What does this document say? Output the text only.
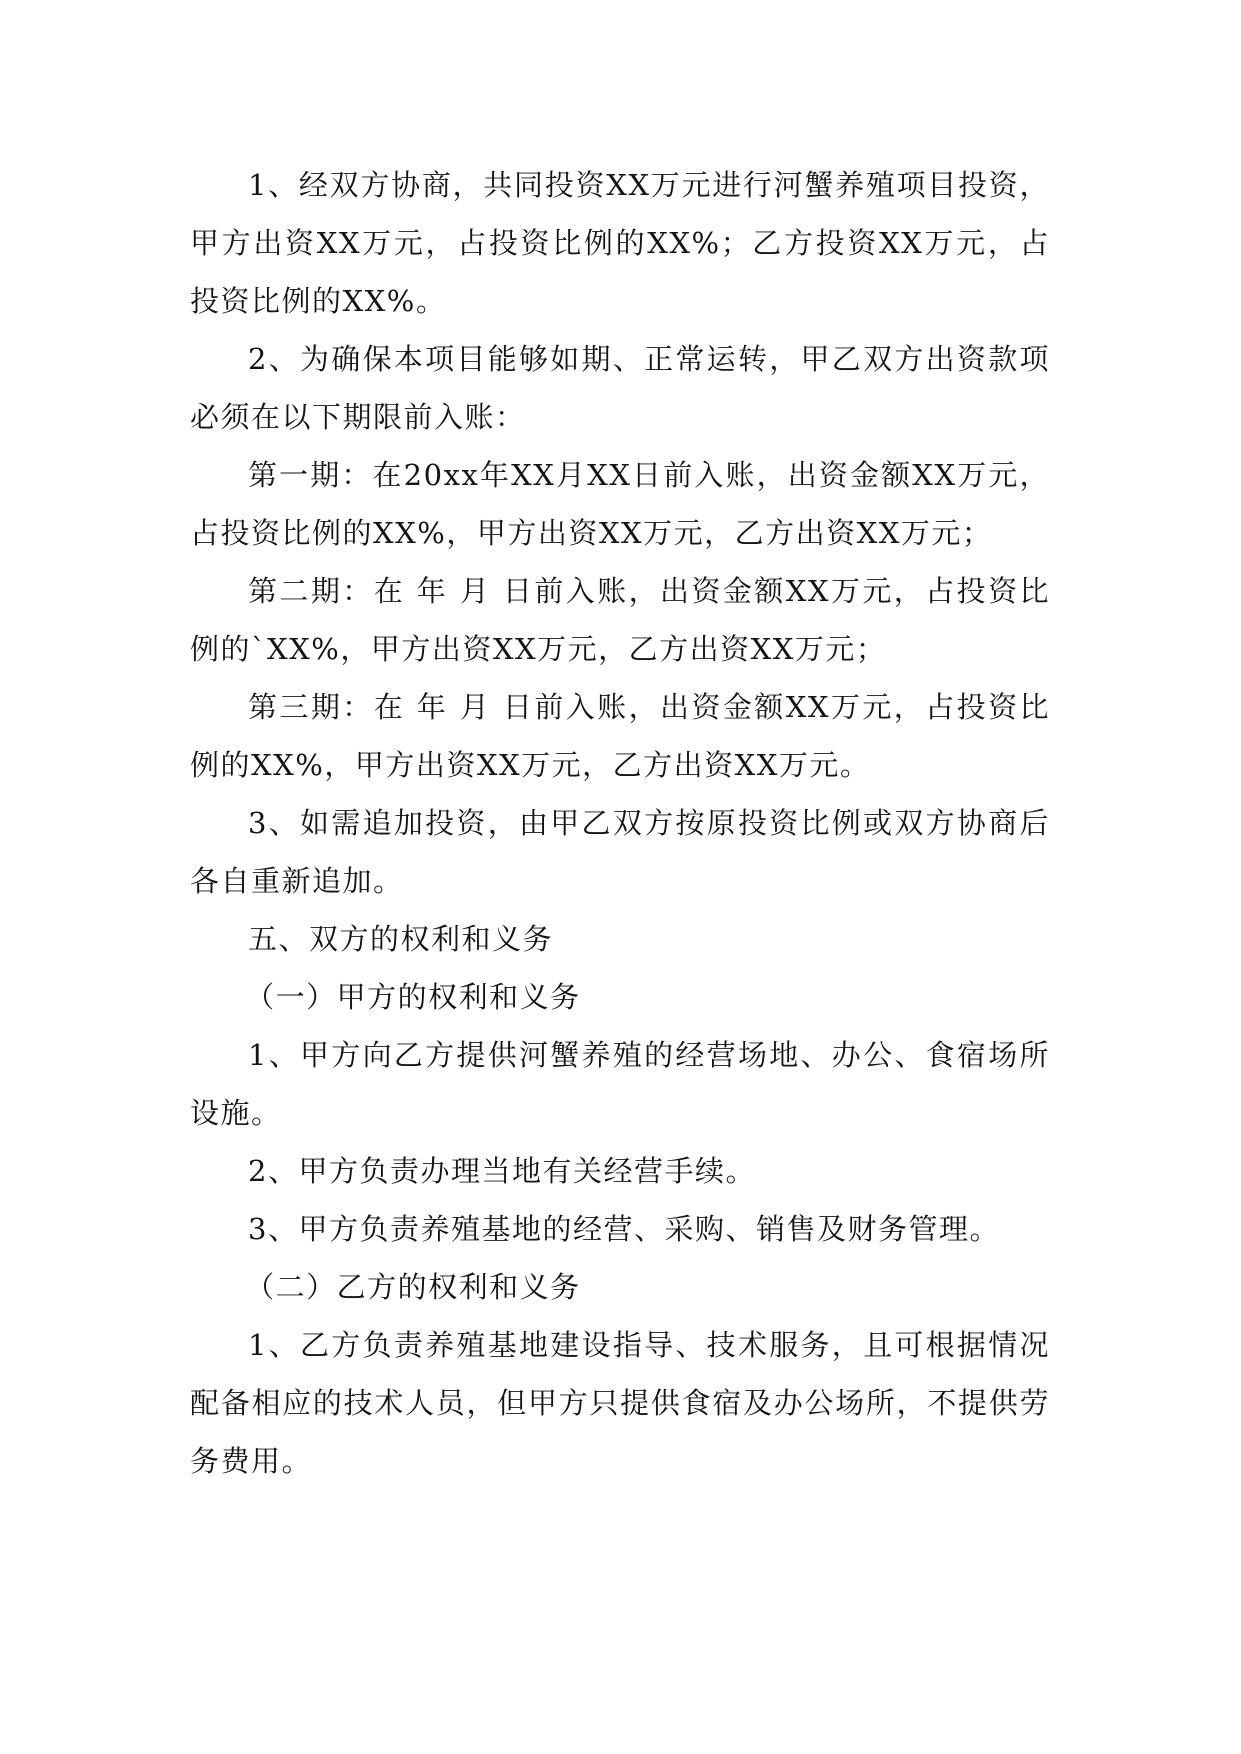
1、经双方协商，共同投资XX万元进行河蟹养殖项目投资，甲方出资XX万元，占投资比例的XX%；乙方投资XX万元，占投资比例的XX%。

2、为确保本项目能够如期、正常运转，甲乙双方出资款项必须在以下期限前入账：

第一期：在20xx年XX月XX日前入账，出资金额XX万元，占投资比例的XX%，甲方出资XX万元，乙方出资XX万元；

第二期：在 年 月 日前入账，出资金额XX万元，占投资比例的`XX%，甲方出资XX万元，乙方出资XX万元；

第三期：在 年 月 日前入账，出资金额XX万元，占投资比例的XX%，甲方出资XX万元，乙方出资XX万元。

3、如需追加投资，由甲乙双方按原投资比例或双方协商后各自重新追加。

五、双方的权利和义务

（一）甲方的权利和义务

1、甲方向乙方提供河蟹养殖的经营场地、办公、食宿场所设施。

2、甲方负责办理当地有关经营手续。

3、甲方负责养殖基地的经营、采购、销售及财务管理。

（二）乙方的权利和义务

1、乙方负责养殖基地建设指导、技术服务，且可根据情况配备相应的技术人员，但甲方只提供食宿及办公场所，不提供劳务费用。
